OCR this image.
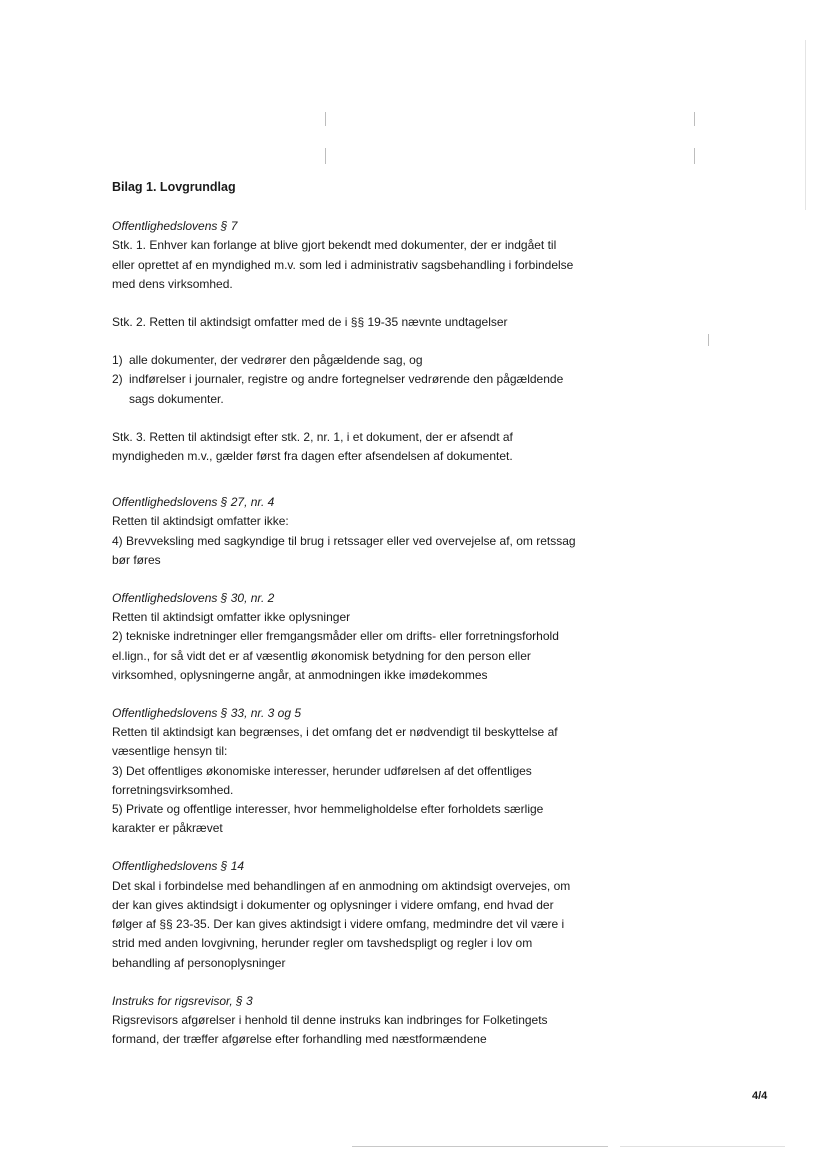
Bilag 1. Lovgrundlag

Offentlighedslovens § 7

Stk. 1. Enhver kan forlange at blive gjort bekendt med dokumenter, der er indgået til eller oprettet af en myndighed m.v. som led i administrativ sagsbehandling i forbindelse med dens virksomhed.

Stk. 2. Retten til aktindsigt omfatter med de i §§ 19-35 nævnte undtagelser

1) alle dokumenter, der vedrører den pågældende sag, og
2) indførelser i journaler, registre og andre fortegnelser vedrørende den pågældende sags dokumenter.

Stk. 3. Retten til aktindsigt efter stk. 2, nr. 1, i et dokument, der er afsendt af myndigheden m.v., gælder først fra dagen efter afsendelsen af dokumentet.

Offentlighedslovens § 27, nr. 4

Retten til aktindsigt omfatter ikke:

4) Brevveksling med sagkyndige til brug i retssager eller ved overvejelse af, om retssag bør føres

Offentlighedslovens § 30, nr. 2

Retten til aktindsigt omfatter ikke oplysninger

2) tekniske indretninger eller fremgangsmåder eller om drifts- eller forretningsforhold el.lign., for så vidt det er af væsentlig økonomisk betydning for den person eller virksomhed, oplysningerne angår, at anmodningen ikke imødekommes

Offentlighedslovens § 33, nr. 3 og 5

Retten til aktindsigt kan begrænses, i det omfang det er nødvendigt til beskyttelse af væsentlige hensyn til:

3) Det offentliges økonomiske interesser, herunder udførelsen af det offentliges forretningsvirksomhed.

5) Private og offentlige interesser, hvor hemmeligholdelse efter forholdets særlige karakter er påkrævet

Offentlighedslovens § 14

Det skal i forbindelse med behandlingen af en anmodning om aktindsigt overvejes, om der kan gives aktindsigt i dokumenter og oplysninger i videre omfang, end hvad der følger af §§ 23-35. Der kan gives aktindsigt i videre omfang, medmindre det vil være i strid med anden lovgivning, herunder regler om tavshedspligt og regler i lov om behandling af personoplysninger

Instruks for rigsrevisor, § 3

Rigsrevisors afgørelser i henhold til denne instruks kan indbringes for Folketingets formand, der træffer afgørelse efter forhandling med næstformændene

4/4
